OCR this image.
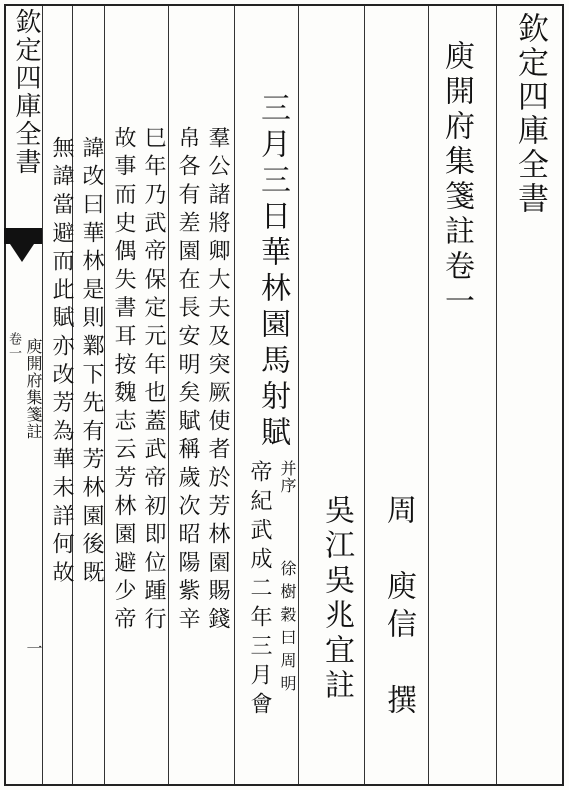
欽定四庫全書
卷一 庾開府集箋註
一
欽定四庫全書
庾開府集箋註卷一
周　庾信　撰
吳江吳兆宜註
三月三日華林園馬射賦
并序
徐樹穀曰周明
帝紀武成二年三月會
羣公諸將卿大夫及突厥使者於芳林園賜錢
帛各有差園在長安明矣賦稱歲次昭陽紫辛
巳年乃武帝保定元年也蓋武帝初即位踵行
故事而史偶失書耳按魏志云芳林園避少帝
諱改曰華林是則鄴下先有芳林園後既
無諱當避而此賦亦改芳為華未詳何故
